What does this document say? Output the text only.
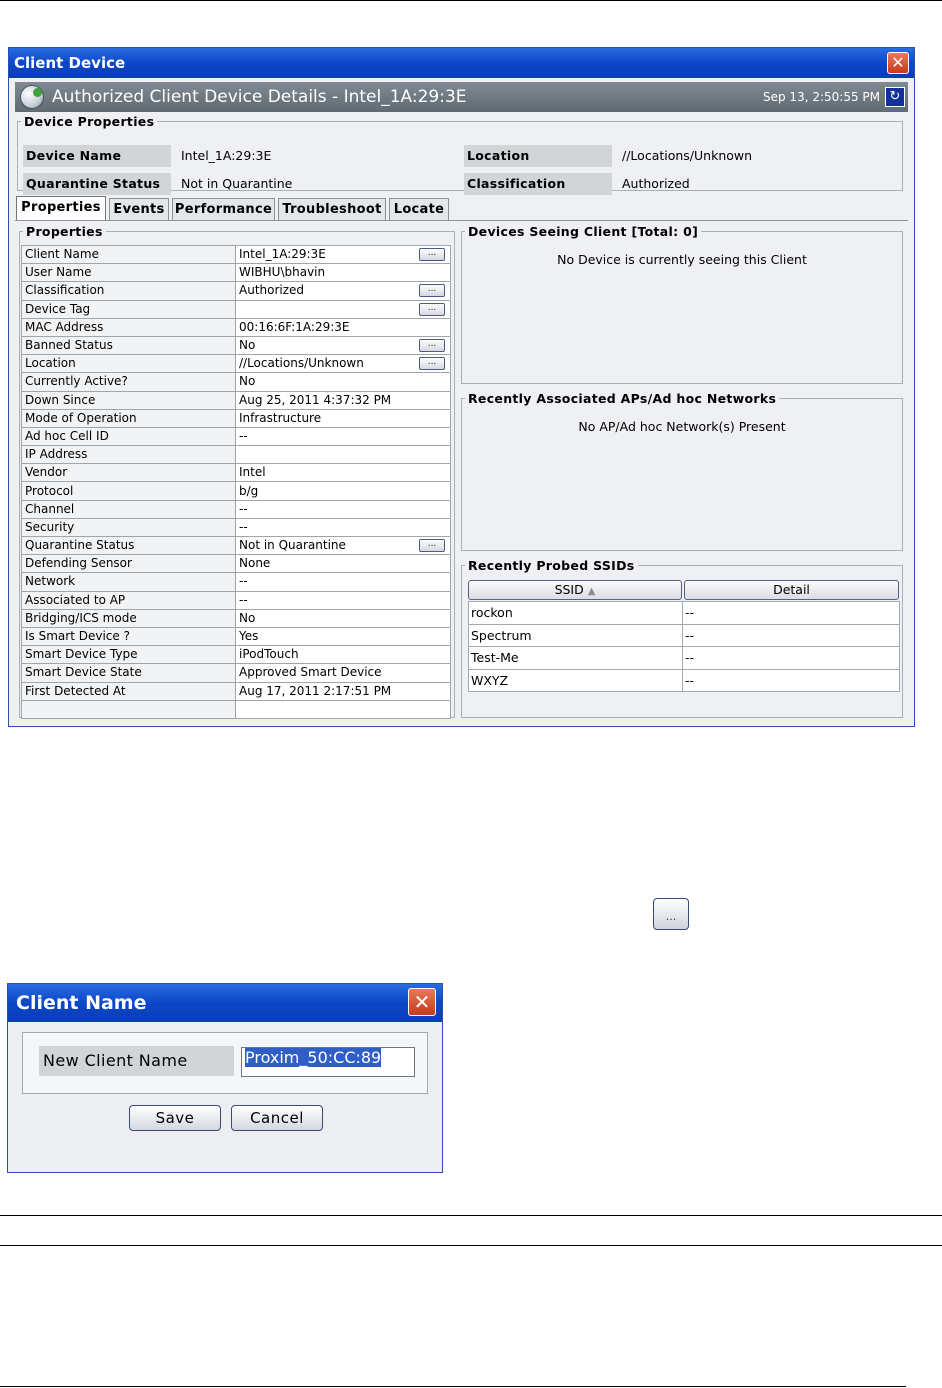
Client Device	✕
Authorized Client Device Details - Intel_1A:29:3E	Sep 13, 2:50:55 PM ↻
Device Properties
Device Name	Intel_1A:29:3E	Location	//Locations/Unknown
Quarantine Status	Not in Quarantine	Classification	Authorized
Properties Events Performance Troubleshoot Locate
Properties
Client Name	Intel_1A:29:3E ...

User Name	WIBHU\bhavin
Classification	Authorized ...

Device Tag	...

MAC Address	00:16:6F:1A:29:3E
Banned Status	No ...

Location	//Locations/Unknown ...

Currently Active?	No
Down Since	Aug 25, 2011 4:37:32 PM
Mode of Operation	Infrastructure
Ad hoc Cell ID	--
IP Address	
Vendor	Intel
Protocol	b/g
Channel	--
Security	--
Quarantine Status	Not in Quarantine ...

Defending Sensor	None
Network	--
Associated to AP	--
Bridging/ICS mode	No
Is Smart Device ?	Yes
Smart Device Type	iPodTouch
Smart Device State	Approved Smart Device
First Detected At	Aug 17, 2011 2:17:51 PM

Devices Seeing Client [Total: 0]
No Device is currently seeing this Client
Recently Associated APs/Ad hoc Networks
No AP/Ad hoc Network(s) Present
Recently Probed SSIDs
SSID ▲	Detail
rockon	--
Spectrum	--
Test-Me	--
WXYZ	--
...
Client Name	✕
New Client Name	Proxim_50:CC:89
Save	Cancel
